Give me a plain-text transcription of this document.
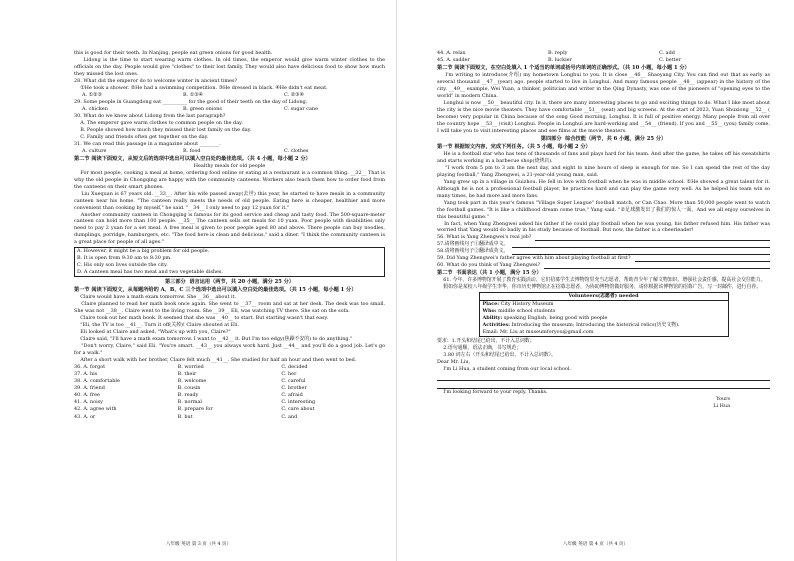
this is good for their teeth. In Nanjing, people eat green onions for good health.
Lidong is the time to start wearing warm clothes. In old times, the emperor would give warm winter clothes to the officials on the day. People would give "clothes" to their lost family. They would also have delicious food to show how much they missed the lost ones.
28. What did the emperor do to welcome winter in ancient times?
①He took a shower. ②He had a swimming competition. ③He dressed in black. ④He didn't eat meat.
A. ①②③	B. ①③④	C. ②③④
29. Some people in Guangdong eat __________ for the good of their teeth on the day of Lidong.
A. chicken	B. green onions	C. sugar cane
30. What do we know about Lidong from the last paragraph?
A. The emperor gave warm clothes to common people on the day.
B. People showed how much they missed their lost family on the day.
C. Family and friends often get together on the day.
31. We can read this passage in a magazine about ________.
A. culture	B. food	C. clothes
第二节 阅读下面短文，从短文后的选项中选出可以填入空白处的最佳选项。（共 4 小题，每小题 2 分）
Healthy meals for old people
For most people, cooking a meal at home, ordering food online or eating at a restaurant is a common thing. __32__ That is why the old people in Chongqing are happy with the community canteens. Workers also teach them how to order food from the canteens on their smart phones.
Liu Xuequan is 67 years old. __33__. After his wife passed away(去世) this year, he started to have meals in a community canteen near his home. "The canteen really meets the needs of old people. Eating here is cheaper, healthier and more convenient than cooking by myself," he said. "__34__ I only need to pay 12 yuan for it."
Another community canteen in Chongqing is famous for its good service and cheap and tasty food. The 500-square-meter canteen can hold more than 100 people. __35__ The canteen sells set meals for 10 yuan. Poor people with disabilities only need to pay 2 yuan for a set meal. A free meal is given to poor people aged 80 and above. There people can buy noodles, dumplings, porridge, hamburgers, etc. "The food here is clean and delicious," said a diner. "I think the community canteen is a great place for people of all ages."
A. However, it might be a big problem for old people.
B. It is open from 9:30 am to 8:30 pm.
C. His only son lives outside the city.
D. A canteen meal has two meat and two vegetable dishes.
第三部分  语言运用（两节，共 20 小题，满分 25 分）
第一节 阅读下面短文，从每题所给的 A、B、C 三个选项中选出可以填入空白处的最佳选项。（共 15 小题，每小题 1 分）
Claire would have a math exam tomorrow. She __36__ about it.
Claire planned to read her math book once again. She went to __37__ room and sat at her desk. The desk was too small. She was not __38__. Claire went to the living room. She __39__ Eli, was watching TV there. She sat on the sofa.
Claire took out her math book. It seemed that she was __40__ to start. But starting wasn't that easy.
"Eli, the TV is too __41__. Turn it off(关掉)! Claire shouted at Eli.
Eli looked at Claire and asked, "What's up with you, Claire?"
Claire said, "I'll have a math exam tomorrow. I want to __42__ it. But I'm too edgy(焦躁不安的) to do anything."
"Don't worry, Claire," said Eli. "You're smart. __43__ you always work hard. Just __44__ and you'll do a good job. Let's go for a walk."
After a short walk with her brother, Claire felt much __41__. She studied for half an hour and then went to bed.
36. A. forgot	B. worried	C. decided
37. A. his	B. their	C. her
38. A. comfortable	B. welcome	C. careful
39. A. friend	B. cousin	C. brother
40. A. free	B. ready	C. afraid
41. A. noisy	B. normal	C. interesting
42. A. agree with	B. prepare for	C. care about
43. A. or	B. but	C. and
八年级 英语 第 3 页（共 4 页）
44. A. relax	B. reply	C. add
45. A. sadder	B. luckier	C. better
第二节 阅读下面短文，在空白处填入 1 个适当的单词或括号内单词的正确形式。（共 10 小题，每小题 1 分）
I'm writing to introduce(介绍) my hometown Longhui to you. It is close __46__ Shaoyang City. You can find out that as early as several thousand __47__(year) ago, people started to live in Longhui. And many famous people __48__ (appear) in the history of the city. __49__ example, Wei Yuan, a thinker, politician and writer in the Qing Dynasty, was one of the pioneers of "opening eyes to the world" in modern China.
Longhui is now __50__ beautiful city. In it, there are many interesting places to go and exciting things to do. What I like most about the city is the nice movie theaters. They have comfortable __51__ (seat) and big screens. At the start of 2023, Yuan Shuxiong __52__ ( become) very popular in China because of the song Good morning, Longhui. It is full of positive energy. Many people from all over the country hope __53__ (visit) Longhui. People in Longhui are hard-working and __54__ (friend). If you and __55__ (you) family come, I will take you to visit interesting places and see films at the movie theaters.
第四部分  综合技能（两节，共 6 小题，满分 25 分）
第一节 根据短文内容，完成下列任务。（共 5 小题，每小题 2 分）
He is a football star who has tens of thousands of fans and plays hard for his team. And after the game, he takes off his sweatshirts and starts working in a barbecue shop(烧烤店).
"I work from 5 pm to 3 am the next day, and eight to nine hours of sleep is enough for me. So I can spend the rest of the day playing football," Yang Zhengwei, a 21-year-old young man, said.
Yang grew up in a village in Guizhou. He fell in love with football when he was in middle school. ①He showed a great talent for it. Although he is not a professional football player, he practices hard and can play the game very well. As he helped his team win so many times, he had more and more fans.
Yang took part in this year's famous "Village Super League" football match, or Can Chao. More than 50,000 people went to watch the football games. "It is like a childhood dream come true," Yang said. "②足球激发出了我们的惊人一面。And we all enjoy ourselves in this beautiful game."
In fact, when Yang Zhengwei asked his father if he could play football when he was young, his father refused him. His father was worried that Yang would do badly in his study because of football. But now, the father is a cheerleader!
56. What is Yang Zhengwei's real job?
57.请将画线句子①翻译成中文。
58.请将画线句子②翻译成英文。
59. Did Yang Zhengwei's father agree with him about playing football at first?
60. What do you think of Yang Zhengwei?
第二节  书面表达（共 1 小题，满分 15 分）
61. 今年，许多博物馆开展了教育实践活动。它们招募学生去博物馆里充当志愿者，帮助青少年了解文物知识，增强社会责任感，提高社会交往能力。
假如你是某校八年级学生李华，你市历史博物馆正在招募志愿者，为协助博物馆做好服务，请你根据该博物馆的招募广告，写一封邮件，进行自荐。
Volunteers(志愿者) needed
Place: City History Museum
Who: middle school students
Ability: speaking English, being good with people
Activities: Introducing the museum; Introducing the historical relics(历史文物).
Email: Mr. Liu at museumforyou@gmail.com
要求：1.开头和结尾已给出，不计入总词数；
2.语句通顺，语法正确，书写规范；
3.80 词左右（开头和结尾已给出，不计入总词数）。
Dear Mr. Liu,
I'm Li Hua, a student coming from our local school.
I'm looking forward to your reply. Thanks.
Yours
Li Hua
八年级 英语 第 4 页（共 4 页）
